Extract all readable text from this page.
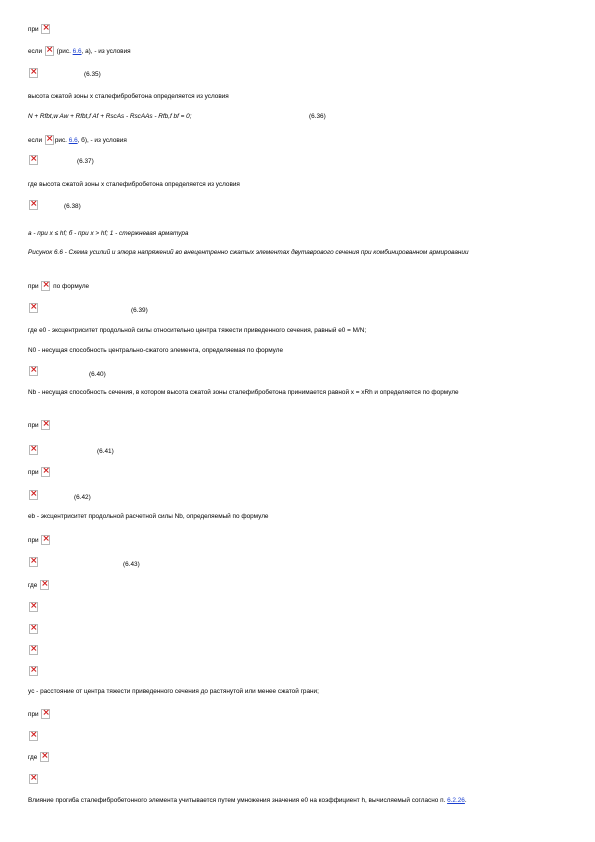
при ×
если × (рис. 6.6, а), - из условия
×
(6.35)
высота сжатой зоны x сталефибробетона определяется из условия
N + Rfbt,w Aw + Rfbt,f Af + RscAs - RscAAs - Rfb,f bf = 0;	(6.36)
если × рис. 6.6, б), - из условия
×
(6.37)
где высота сжатой зоны x сталефибробетона определяется из условия
×
(6.38)
а - при x ≤ hf; б - при x > hf; 1 - стержневая арматура
Рисунок 6.6 - Схема усилий и эпюра напряжений во внецентренно сжатых элементах двутаврового сечения при комбинированном армировании
при × по формуле
×
(6.39)
где е0 - эксцентриситет продольной силы относительно центра тяжести приведенного сечения, равный е0 = M/N;
N0 - несущая способность центрально-сжатого элемента, определяемая по формуле
×
(6.40)
Nb - несущая способность сечения, в котором высота сжатой зоны сталефибробетона принимается равной x = xRh и определяется по формуле
при ×
×
(6.41)
при ×
×
(6.42)
еb - эксцентриситет продольной расчетной силы Nb, определяемый по формуле
при ×
×
(6.43)
где ×
×
×
×
×
yc - расстояние от центра тяжести приведенного сечения до растянутой или менее сжатой грани;
при ×
×
где ×
×
Влияние прогиба сталефибробетонного элемента учитывается путем умножения значения е0 на коэффициент h, вычисляемый согласно п. 6.2.26.
